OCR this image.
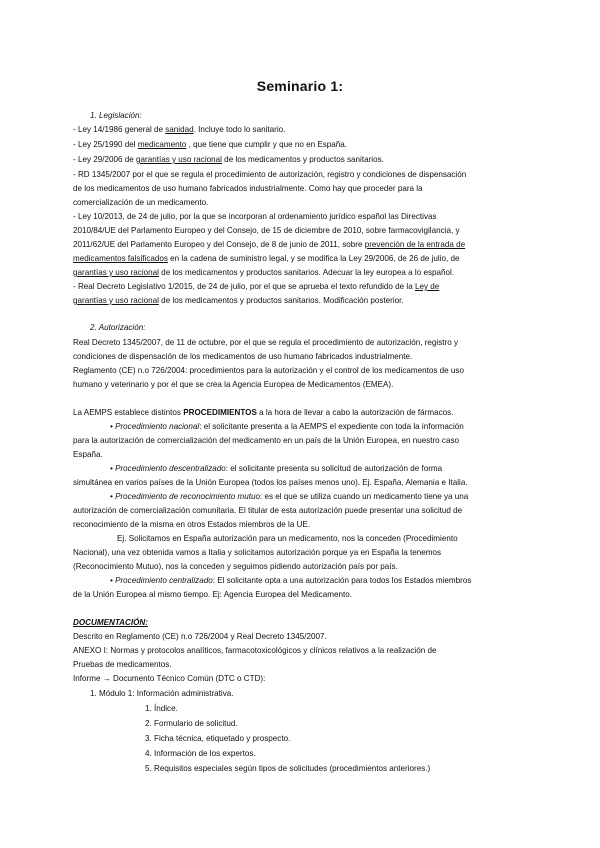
Seminario 1:
1. Legislación:
- Ley 14/1986 general de sanidad. Incluye todo lo sanitario.
- Ley 25/1990 del medicamento , que tiene que cumplir y que no en España.
- Ley 29/2006 de garantías y uso racional de los medicamentos y productos sanitarios.
- RD 1345/2007 por el que se regula el procedimiento de autorización, registro y condiciones de dispensación
de los medicamentos de uso humano fabricados industrialmente. Como hay que proceder para la
comercialización de un medicamento.
- Ley 10/2013, de 24 de julio, por la que se incorporan al ordenamiento jurídico español las Directivas
2010/84/UE del Parlamento Europeo y del Consejo, de 15 de diciembre de 2010, sobre farmacovigilancia, y
2011/62/UE del Parlamento Europeo y del Consejo, de 8 de junio de 2011, sobre prevención de la entrada de
medicamentos falsificados en la cadena de suministro legal, y se modifica la Ley 29/2006, de 26 de julio, de
garantías y uso racional de los medicamentos y productos sanitarios. Adecuar la ley europea a lo español.
- Real Decreto Legislativo 1/2015, de 24 de julio, por el que se aprueba el texto refundido de la Ley de
garantías y uso racional de los medicamentos y productos sanitarios. Modificación posterior.
2. Autorización:
Real Decreto 1345/2007, de 11 de octubre, por el que se regula el procedimiento de autorización, registro y
condiciones de dispensación de los medicamentos de uso humano fabricados industrialmente.
Reglamento (CE) n.o 726/2004: procedimientos para la autorización y el control de los medicamentos de uso
humano y veterinario y por el que se crea la Agencia Europea de Medicamentos (EMEA).
La AEMPS establece distintos PROCEDIMIENTOS a la hora de llevar a cabo la autorización de fármacos.
• Procedimiento nacional: el solicitante presenta a la AEMPS el expediente con toda la información
para la autorización de comercialización del medicamento en un país de la Unión Europea, en nuestro caso
España.
• Procedimiento descentralizado: el solicitante presenta su solicitud de autorización de forma
simultánea en varios países de la Unión Europea (todos los países menos uno). Ej. España, Alemania e Italia.
• Procedimiento de reconocimiento mutuo: es el que se utiliza cuando un medicamento tiene ya una
autorización de comercialización comunitaria. El titular de esta autorización puede presentar una solicitud de
reconocimiento de la misma en otros Estados miembros de la UE.
Ej. Solicitamos en España autorización para un medicamento, nos la conceden (Procedimiento
Nacional), una vez obtenida vamos a Italia y solicitamos autorización porque ya en España la tenemos
(Reconocimiento Mutuo), nos la conceden y seguimos pidiendo autorización país por país.
• Procedimiento centralizado: El solicitante opta a una autorización para todos los Estados miembros
de la Unión Europea al mismo tiempo. Ej: Agencia Europea del Medicamento.
DOCUMENTACIÓN:
Descrito en Reglamento (CE) n.o 726/2004 y Real Decreto 1345/2007.
ANEXO I: Normas y protocolos analíticos, farmacotoxicológicos y clínicos relativos a la realización de
Pruebas de medicamentos.
Informe → Documento Técnico Común (DTC o CTD):
1. Módulo 1: Información administrativa.
1. Índice.
2. Formulario de solicitud.
3. Ficha técnica, etiquetado y prospecto.
4. Información de los expertos.
5. Requisitos especiales según tipos de solicitudes (procedimientos anteriores.)
